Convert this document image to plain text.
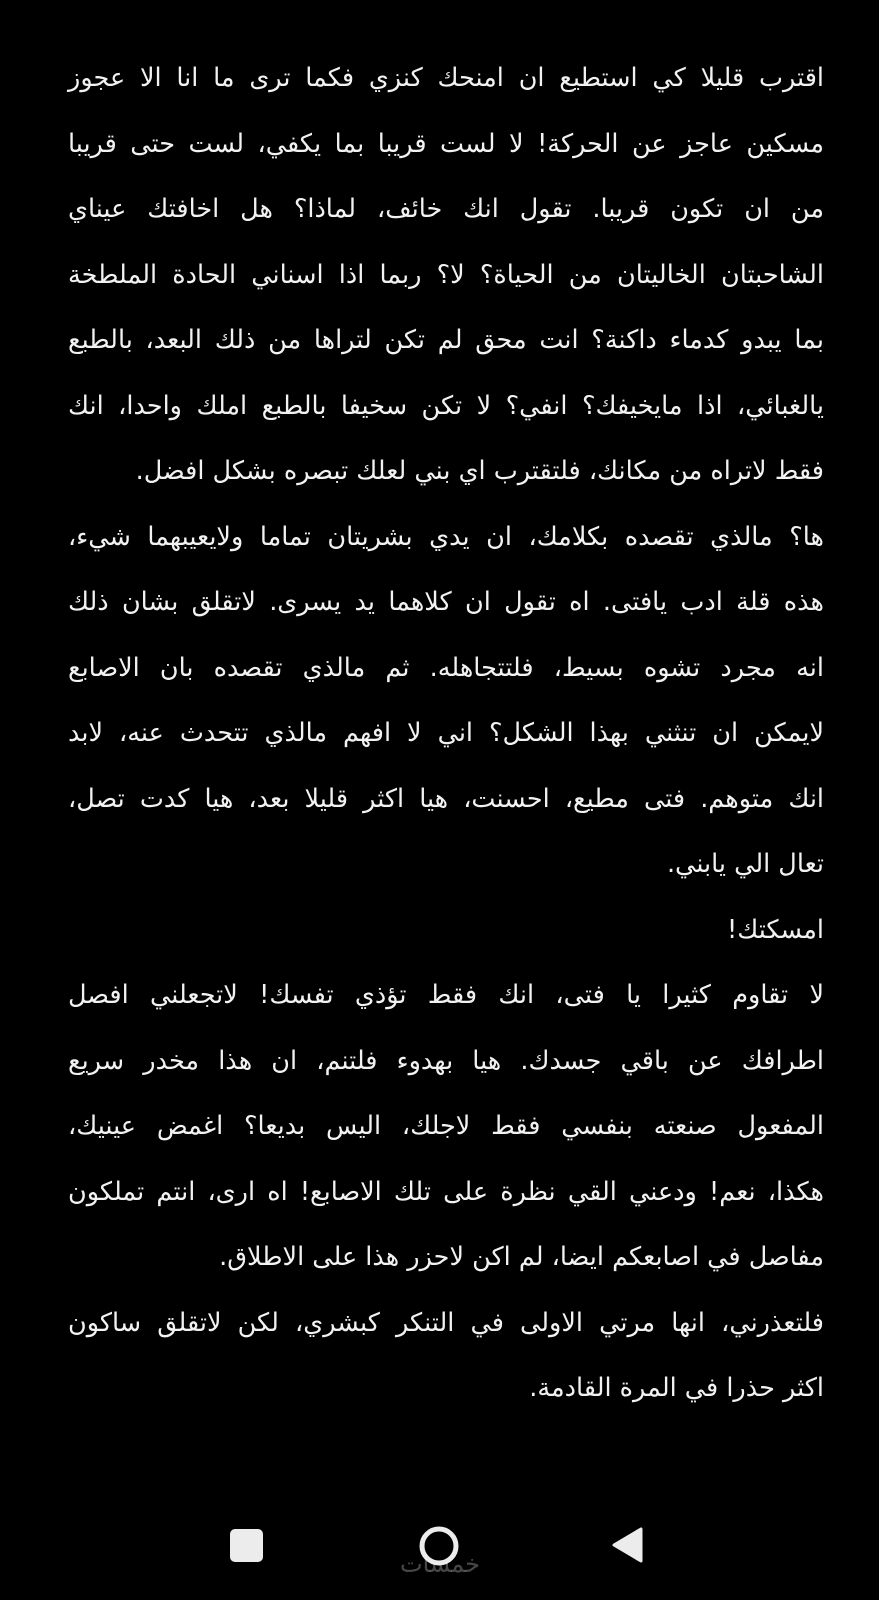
اقترب قليلا كي استطيع ان امنحك كنزي فكما ترى ما انا الا عجوز
مسكين عاجز عن الحركة! لا لست قريبا بما يكفي، لست حتى قريبا
من ان تكون قريبا. تقول انك خائف، لماذا؟ هل اخافتك عيناي
الشاحبتان الخاليتان من الحياة؟ لا؟ ربما اذا اسناني الحادة الملطخة
بما يبدو كدماء داكنة؟ انت محق لم تكن لتراها من ذلك البعد، بالطبع
يالغبائي، اذا مايخيفك؟ انفي؟ لا تكن سخيفا بالطبع املك واحدا، انك
فقط لاتراه من مكانك، فلتقترب اي بني لعلك تبصره بشكل افضل.
ها؟ مالذي تقصده بكلامك، ان يدي بشريتان تماما ولايعيبهما شيء،
هذه قلة ادب يافتى. اه تقول ان كلاهما يد يسرى. لاتقلق بشان ذلك
انه مجرد تشوه بسيط، فلتتجاهله. ثم مالذي تقصده بان الاصابع
لايمكن ان تنثني بهذا الشكل؟ اني لا افهم مالذي تتحدث عنه، لابد
انك متوهم. فتى مطيع، احسنت، هيا اكثر قليلا بعد، هيا كدت تصل،
تعال الي يابني.
امسكتك!
لا تقاوم كثيرا يا فتى، انك فقط تؤذي تفسك! لاتجعلني افصل
اطرافك عن باقي جسدك. هيا بهدوء فلتنم، ان هذا مخدر سريع
المفعول صنعته بنفسي فقط لاجلك، اليس بديعا؟ اغمض عينيك،
هكذا، نعم! ودعني القي نظرة على تلك الاصابع! اه ارى، انتم تملكون
مفاصل في اصابعكم ايضا، لم اكن لاحزر هذا على الاطلاق.
فلتعذرني، انها مرتي الاولى في التنكر كبشري، لكن لاتقلق ساكون
اكثر حذرا في المرة القادمة.
خمسات
